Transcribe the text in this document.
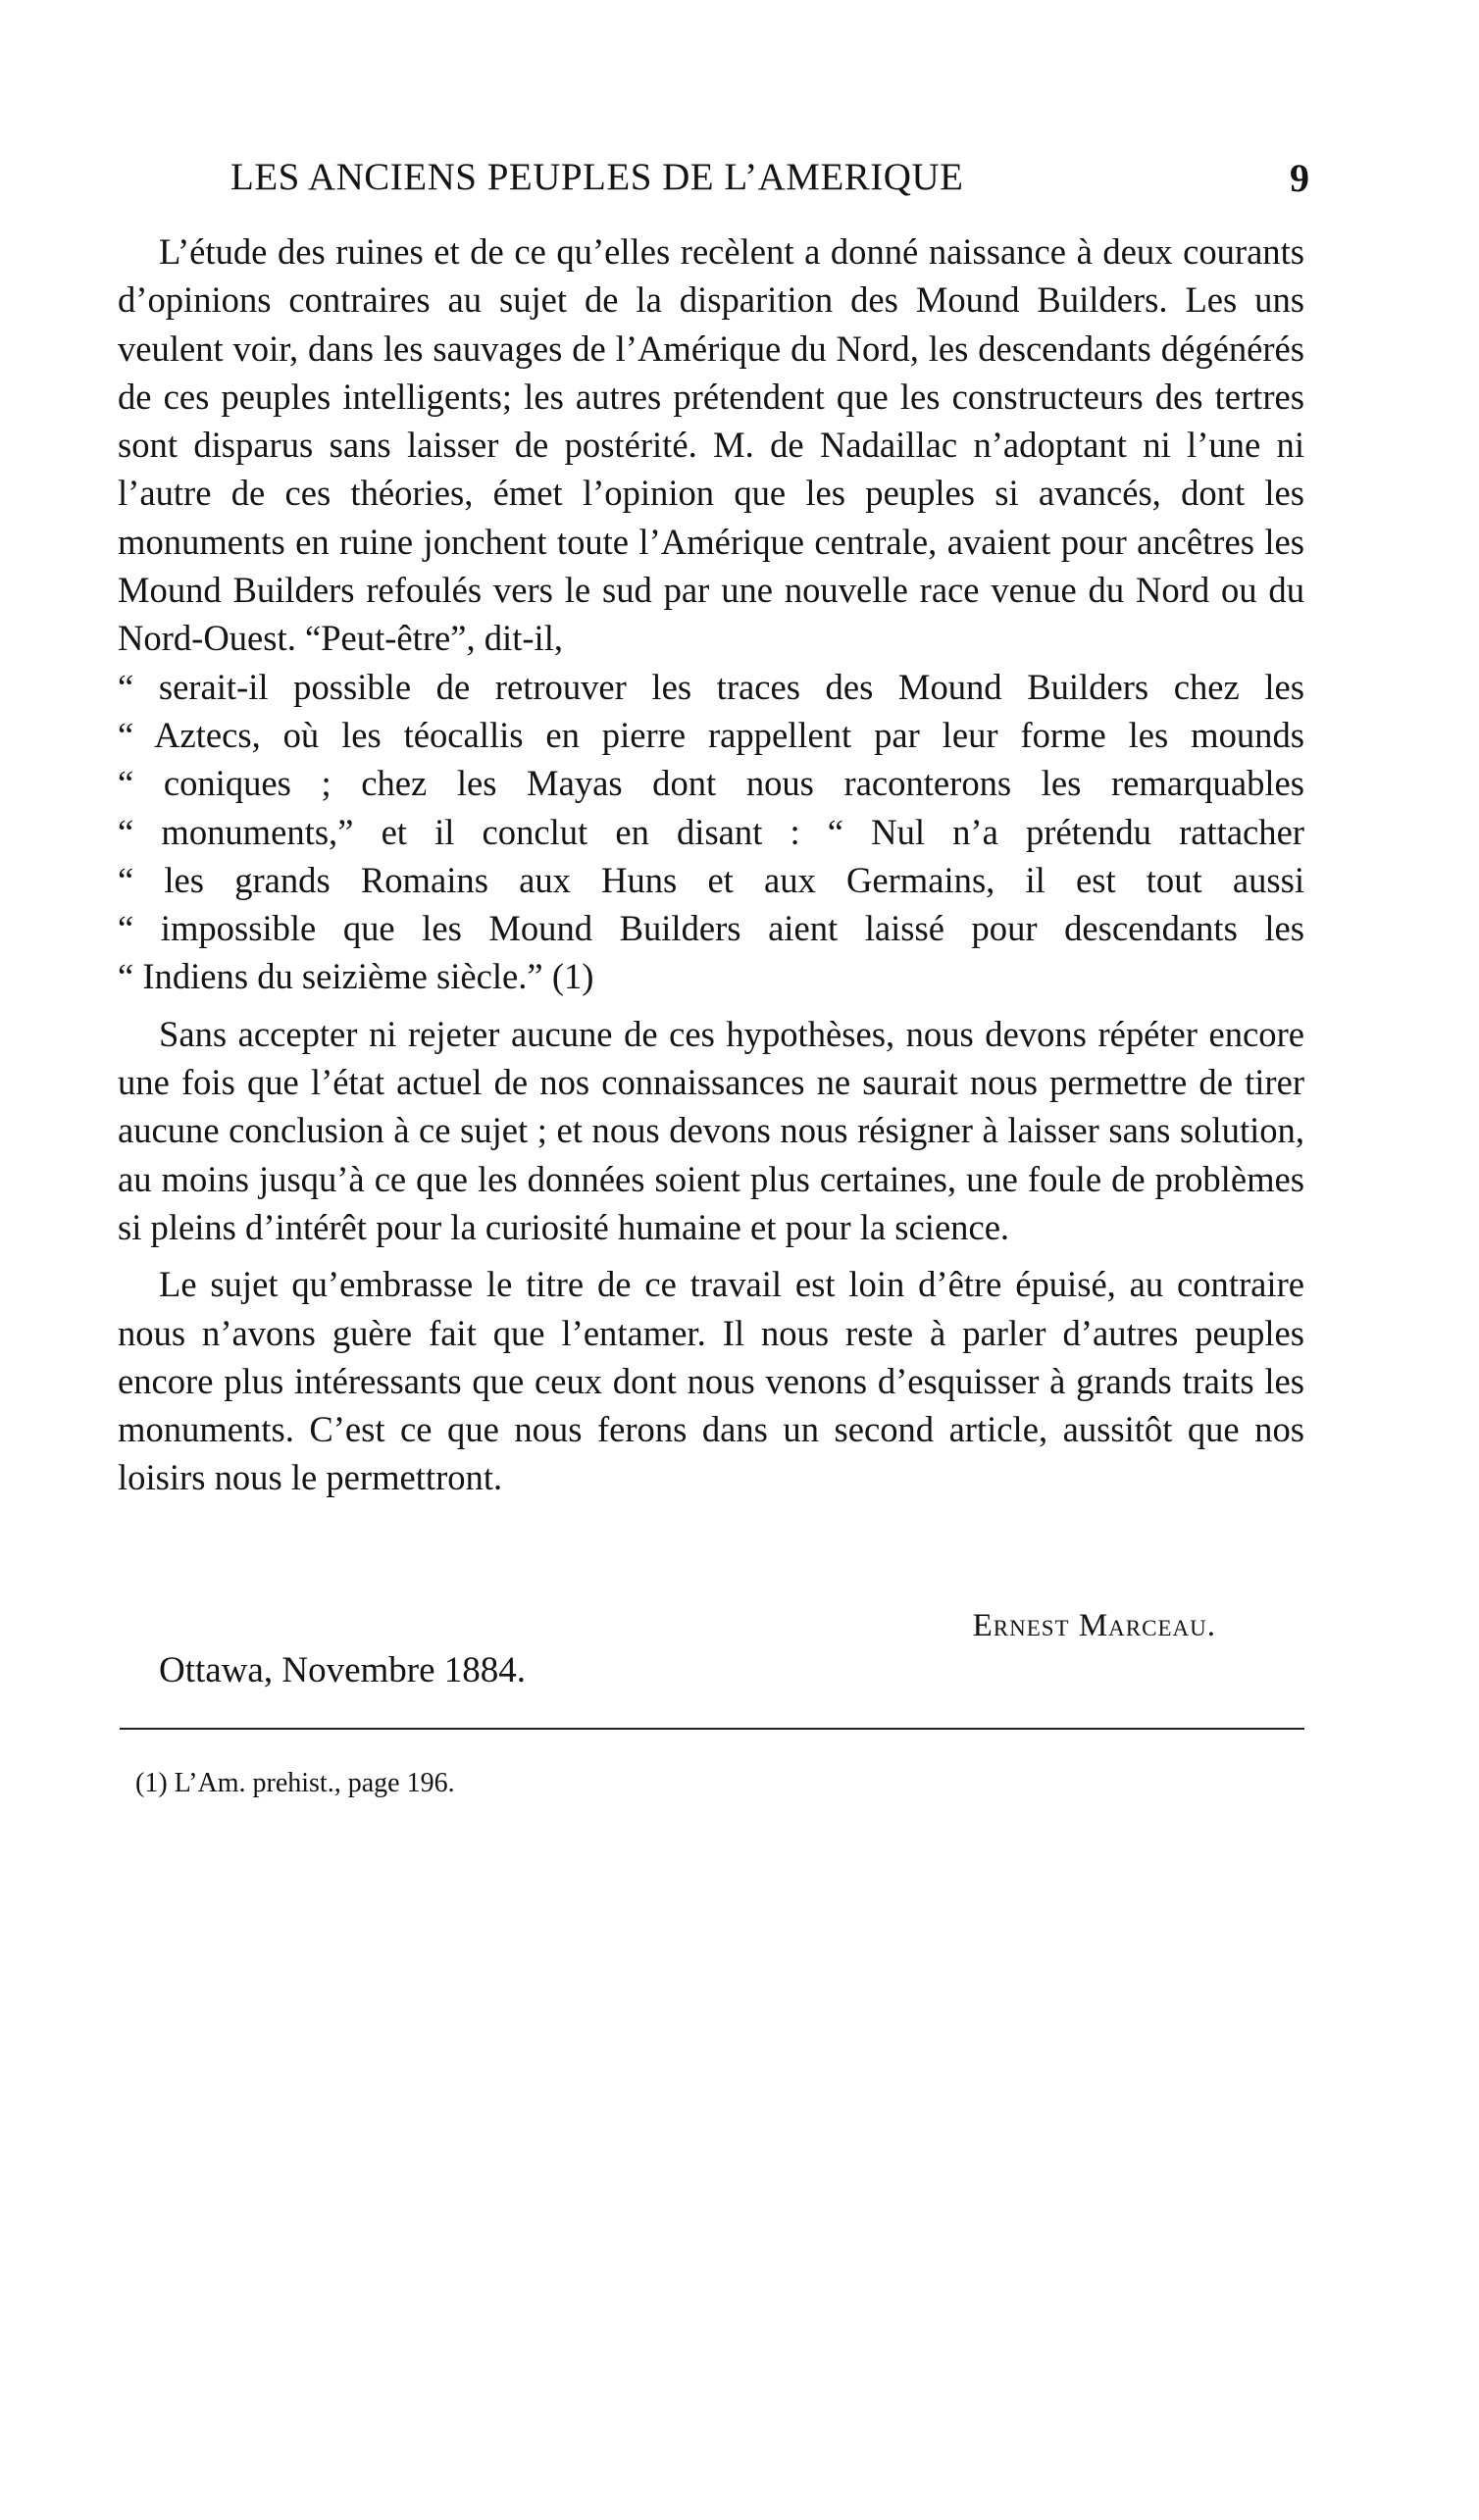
LES ANCIENS PEUPLES DE L’AMERIQUE	9

L’étude des ruines et de ce qu’elles recèlent a donné naissance à deux courants d’opinions contraires au sujet de la disparition des Mound Builders. Les uns veulent voir, dans les sauvages de l’Amérique du Nord, les descendants dégénérés de ces peuples intelligents; les autres prétendent que les constructeurs des tertres sont disparus sans laisser de postérité. M. de Nadaillac n’adoptant ni l’une ni l’autre de ces théories, émet l’opinion que les peuples si avancés, dont les monuments en ruine jonchent toute l’Amérique centrale, avaient pour ancêtres les Mound Builders refoulés vers le sud par une nouvelle race venue du Nord ou du Nord-Ouest. “Peut-être”, dit-il,

“ serait-il possible de retrouver les traces des Mound Builders chez les
“ Aztecs, où les téocallis en pierre rappellent par leur forme les mounds
“ coniques ; chez les Mayas dont nous raconterons les remarquables
“ monuments,” et il conclut en disant : “ Nul n’a prétendu rattacher
“ les grands Romains aux Huns et aux Germains, il est tout aussi
“ impossible que les Mound Builders aient laissé pour descendants les
“ Indiens du seizième siècle.” (1)

Sans accepter ni rejeter aucune de ces hypothèses, nous devons répéter encore une fois que l’état actuel de nos connaissances ne saurait nous permettre de tirer aucune conclusion à ce sujet ; et nous devons nous résigner à laisser sans solution, au moins jusqu’à ce que les données soient plus certaines, une foule de problèmes si pleins d’intérêt pour la curiosité humaine et pour la science.

Le sujet qu’embrasse le titre de ce travail est loin d’être épuisé, au contraire nous n’avons guère fait que l’entamer. Il nous reste à parler d’autres peuples encore plus intéressants que ceux dont nous venons d’esquisser à grands traits les monuments. C’est ce que nous ferons dans un second article, aussitôt que nos loisirs nous le permettront.

Ernest Marceau.
Ottawa, Novembre 1884.
(1) L’Am. prehist., page 196.
